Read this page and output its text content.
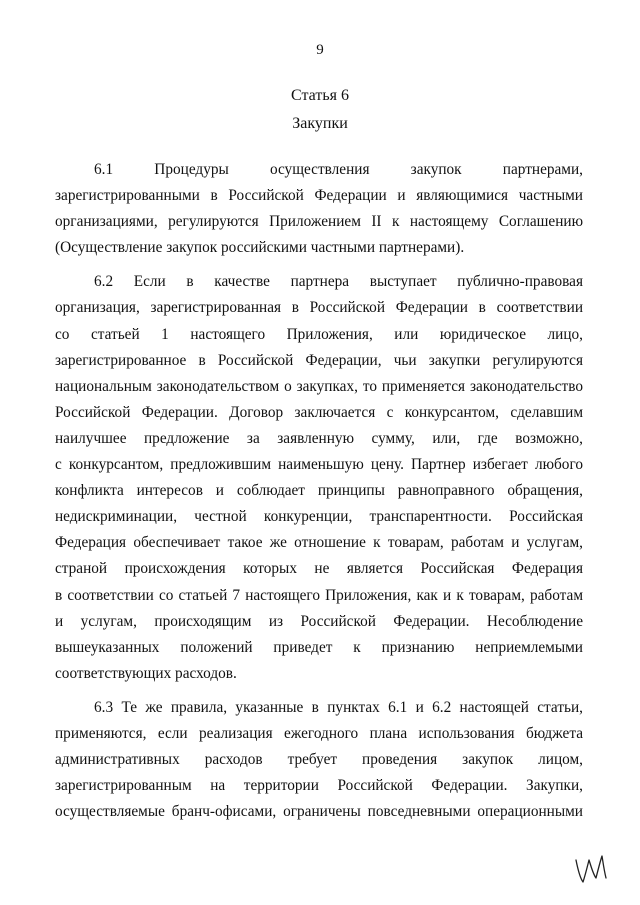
9
Статья 6
Закупки
6.1 Процедуры осуществления закупок партнерами,
зарегистрированными в Российской Федерации и являющимися частными
организациями, регулируются Приложением II к настоящему Соглашению
(Осуществление закупок российскими частными партнерами).
6.2 Если в качестве партнера выступает публично-правовая
организация, зарегистрированная в Российской Федерации в соответствии
со статьей 1 настоящего Приложения, или юридическое лицо,
зарегистрированное в Российской Федерации, чьи закупки регулируются
национальным законодательством о закупках, то применяется законодательство
Российской Федерации. Договор заключается с конкурсантом, сделавшим
наилучшее предложение за заявленную сумму, или, где возможно,
с конкурсантом, предложившим наименьшую цену. Партнер избегает любого
конфликта интересов и соблюдает принципы равноправного обращения,
недискриминации, честной конкуренции, транспарентности. Российская
Федерация обеспечивает такое же отношение к товарам, работам и услугам,
страной происхождения которых не является Российская Федерация
в соответствии со статьей 7 настоящего Приложения, как и к товарам, работам
и услугам, происходящим из Российской Федерации. Несоблюдение
вышеуказанных положений приведет к признанию неприемлемыми
соответствующих расходов.
6.3 Те же правила, указанные в пунктах 6.1 и 6.2 настоящей статьи,
применяются, если реализация ежегодного плана использования бюджета
административных расходов требует проведения закупок лицом,
зарегистрированным на территории Российской Федерации. Закупки,
осуществляемые бранч-офисами, ограничены повседневными операционными
